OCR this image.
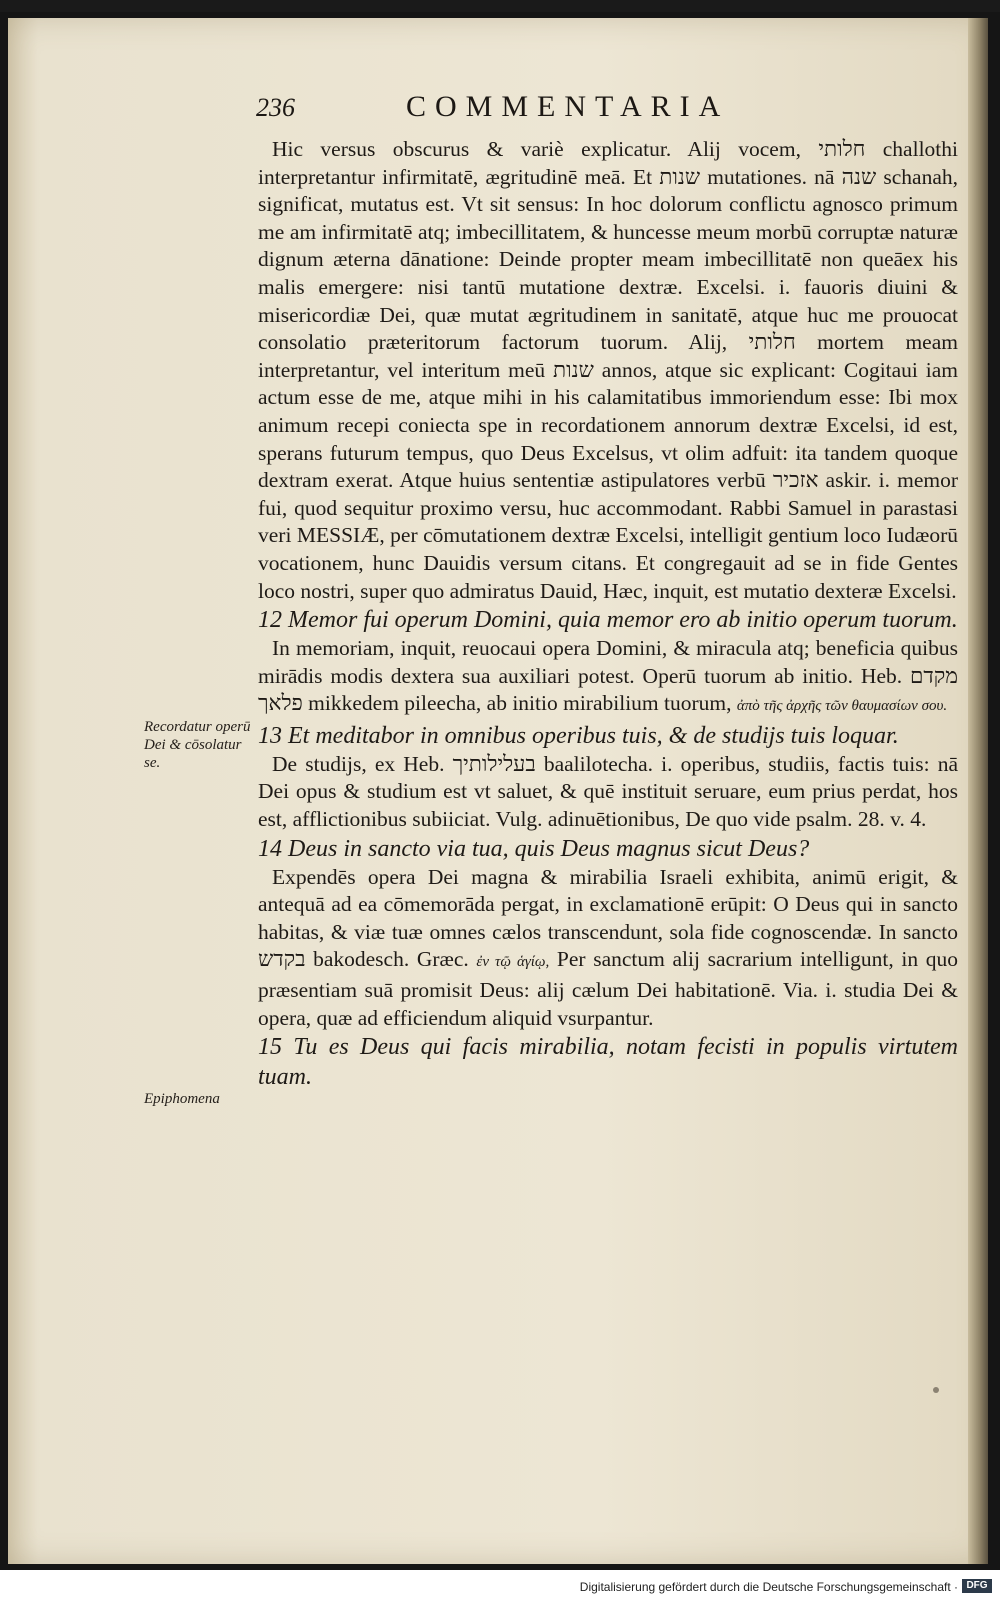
236	COMMENTARIA
Recordatur operū Dei & cōsolatur se.
Epiphomena

Hic versus obscurus & variè explicatur. Alij vocem, חלותי challothi interpretantur infirmitatē, ægritudinē meā. Et שנות mutationes. nā שנה schanah, significat, mutatus est. Vt sit sensus: In hoc dolorum conflictu agnosco primum me am infirmitatē atq; imbecillitatem, & huncesse meum morbū corruptæ naturæ dignum æterna dānatione: Deinde propter meam imbecillitatē non queāex his malis emergere: nisi tantū mutatione dextræ. Excelsi. i. fauoris diuini & misericordiæ Dei, quæ mutat ægritudinem in sanitatē, atque huc me prouocat consolatio præteritorum factorum tuorum. Alij, חלותי mortem meam interpretantur, vel interitum meū שנות annos, atque sic explicant: Cogitaui iam actum esse de me, atque mihi in his calamitatibus immoriendum esse: Ibi mox animum recepi coniecta spe in recordationem annorum dextræ Excelsi, id est, sperans futurum tempus, quo Deus Excelsus, vt olim adfuit: ita tandem quoque dextram exerat. Atque huius sententiæ astipulatores verbū אזכיר askir. i. memor fui, quod sequitur proximo versu, huc accommodant. Rabbi Samuel in parastasi veri MESSIÆ, per cōmutationem dextræ Excelsi, intelligit gentium loco Iudæorū vocationem, hunc Dauidis versum citans. Et congregauit ad se in fide Gentes loco nostri, super quo admiratus Dauid, Hæc, inquit, est mutatio dexteræ Excelsi.

12 Memor fui operum Domini, quia memor ero ab initio operum tuorum.

In memoriam, inquit, reuocaui opera Domini, & miracula atq; beneficia quibus mirādis modis dextera sua auxiliari potest. Operū tuorum ab initio. Heb. מקדם פלאך mikkedem pileecha, ab initio mirabilium tuorum, ἀπὸ τῆς ἀρχῆς τῶν θαυμασίων σου.

13 Et meditabor in omnibus operibus tuis, & de studijs tuis loquar.

De studijs, ex Heb. בעלילותיך baalilotecha. i. operibus, studiis, factis tuis: nā Dei opus & studium est vt saluet, & quē instituit seruare, eum prius perdat, hos est, afflictionibus subiiciat. Vulg. adinuētionibus, De quo vide psalm. 28. v. 4.

14 Deus in sancto via tua, quis Deus magnus sicut Deus?

Expendēs opera Dei magna & mirabilia Israeli exhibita, animū erigit, & antequā ad ea cōmemorāda pergat, in exclamationē erūpit: O Deus qui in sancto habitas, & viæ tuæ omnes cælos transcendunt, sola fide cognoscendæ. In sancto בקדש bakodesch. Græc. ἐν τῷ ἁγίῳ, Per sanctum alij sacrarium intelligunt, in quo præsentiam suā promisit Deus: alij cælum Dei habitationē. Via. i. studia Dei & opera, quæ ad efficiendum aliquid vsurpantur.

15 Tu es Deus qui facis mirabilia, notam fecisti in populis virtutem tuam.

Digitalisierung gefördert durch die Deutsche Forschungsgemeinschaft · DFG
